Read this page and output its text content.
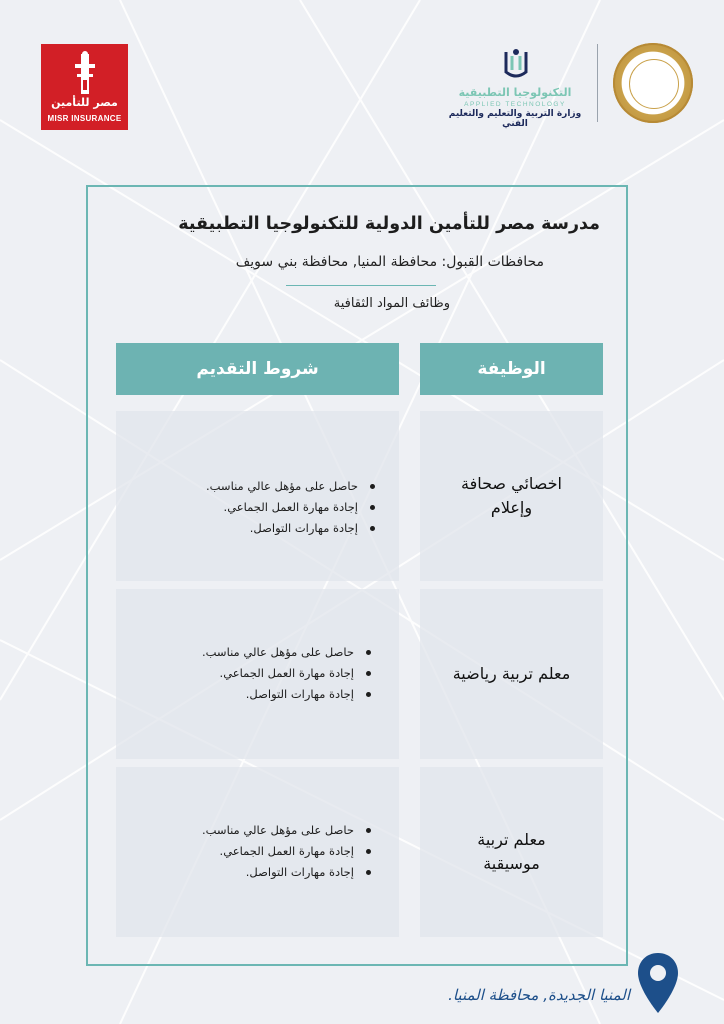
مصر للتأمين
MISR INSURANCE
التكنولوجيا التطبيقية
APPLIED TECHNOLOGY
وزارة التربية والتعليم والتعليم الفني
مدرسة مصر للتأمين الدولية للتكنولوجيا التطبيقية
محافظات القبول: محافظة المنيا, محافظة بني سويف
وظائف المواد الثقافية
شروط التقديم	الوظيفة
حاصل على مؤهل عالي مناسب.
إجادة مهارة العمل الجماعي.
إجادة مهارات التواصل.
اخصائي صحافة وإعلام
حاصل على مؤهل عالي مناسب.
إجادة مهارة العمل الجماعي.
إجادة مهارات التواصل.
معلم تربية رياضية
حاصل على مؤهل عالي مناسب.
إجادة مهارة العمل الجماعي.
إجادة مهارات التواصل.
معلم تربية موسيقية
المنيا الجديدة, محافظة المنيا.
